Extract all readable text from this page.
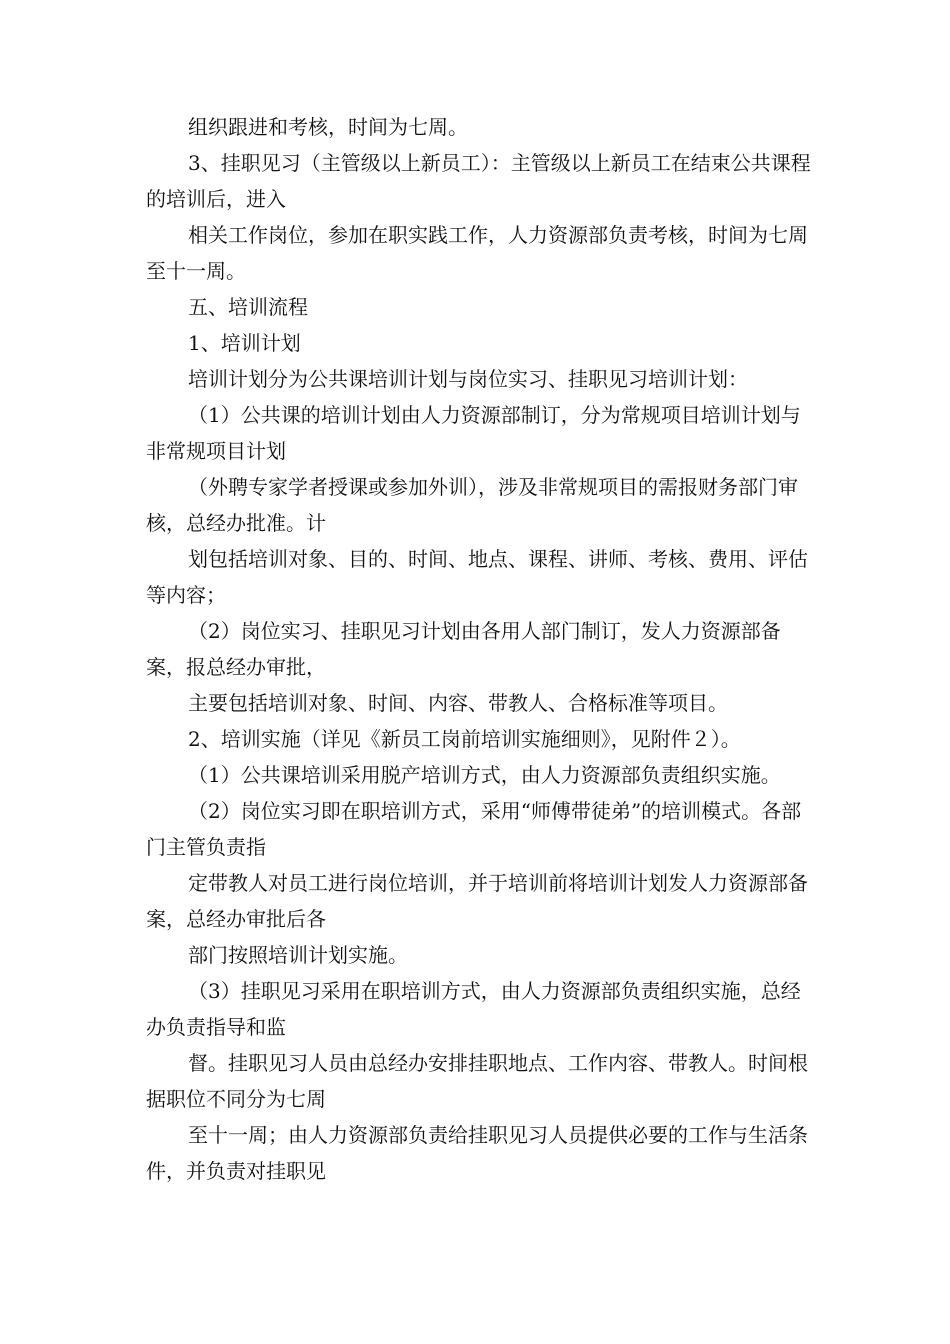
组织跟进和考核，时间为七周。

3、挂职见习（主管级以上新员工）：主管级以上新员工在结束公共课程的培训后，进入

相关工作岗位，参加在职实践工作，人力资源部负责考核，时间为七周至十一周。

五、培训流程

1、培训计划

培训计划分为公共课培训计划与岗位实习、挂职见习培训计划：

（1）公共课的培训计划由人力资源部制订，分为常规项目培训计划与非常规项目计划

（外聘专家学者授课或参加外训），涉及非常规项目的需报财务部门审核，总经办批准。计

划包括培训对象、目的、时间、地点、课程、讲师、考核、费用、评估等内容；

（2）岗位实习、挂职见习计划由各用人部门制订，发人力资源部备案，报总经办审批，

主要包括培训对象、时间、内容、带教人、合格标准等项目。

2、培训实施（详见《新员工岗前培训实施细则》，见附件２）。

（1）公共课培训采用脱产培训方式，由人力资源部负责组织实施。

（2）岗位实习即在职培训方式，采用“师傅带徒弟”的培训模式。各部门主管负责指

定带教人对员工进行岗位培训，并于培训前将培训计划发人力资源部备案，总经办审批后各

部门按照培训计划实施。

（3）挂职见习采用在职培训方式，由人力资源部负责组织实施，总经办负责指导和监

督。挂职见习人员由总经办安排挂职地点、工作内容、带教人。时间根据职位不同分为七周

至十一周；由人力资源部负责给挂职见习人员提供必要的工作与生活条件，并负责对挂职见
